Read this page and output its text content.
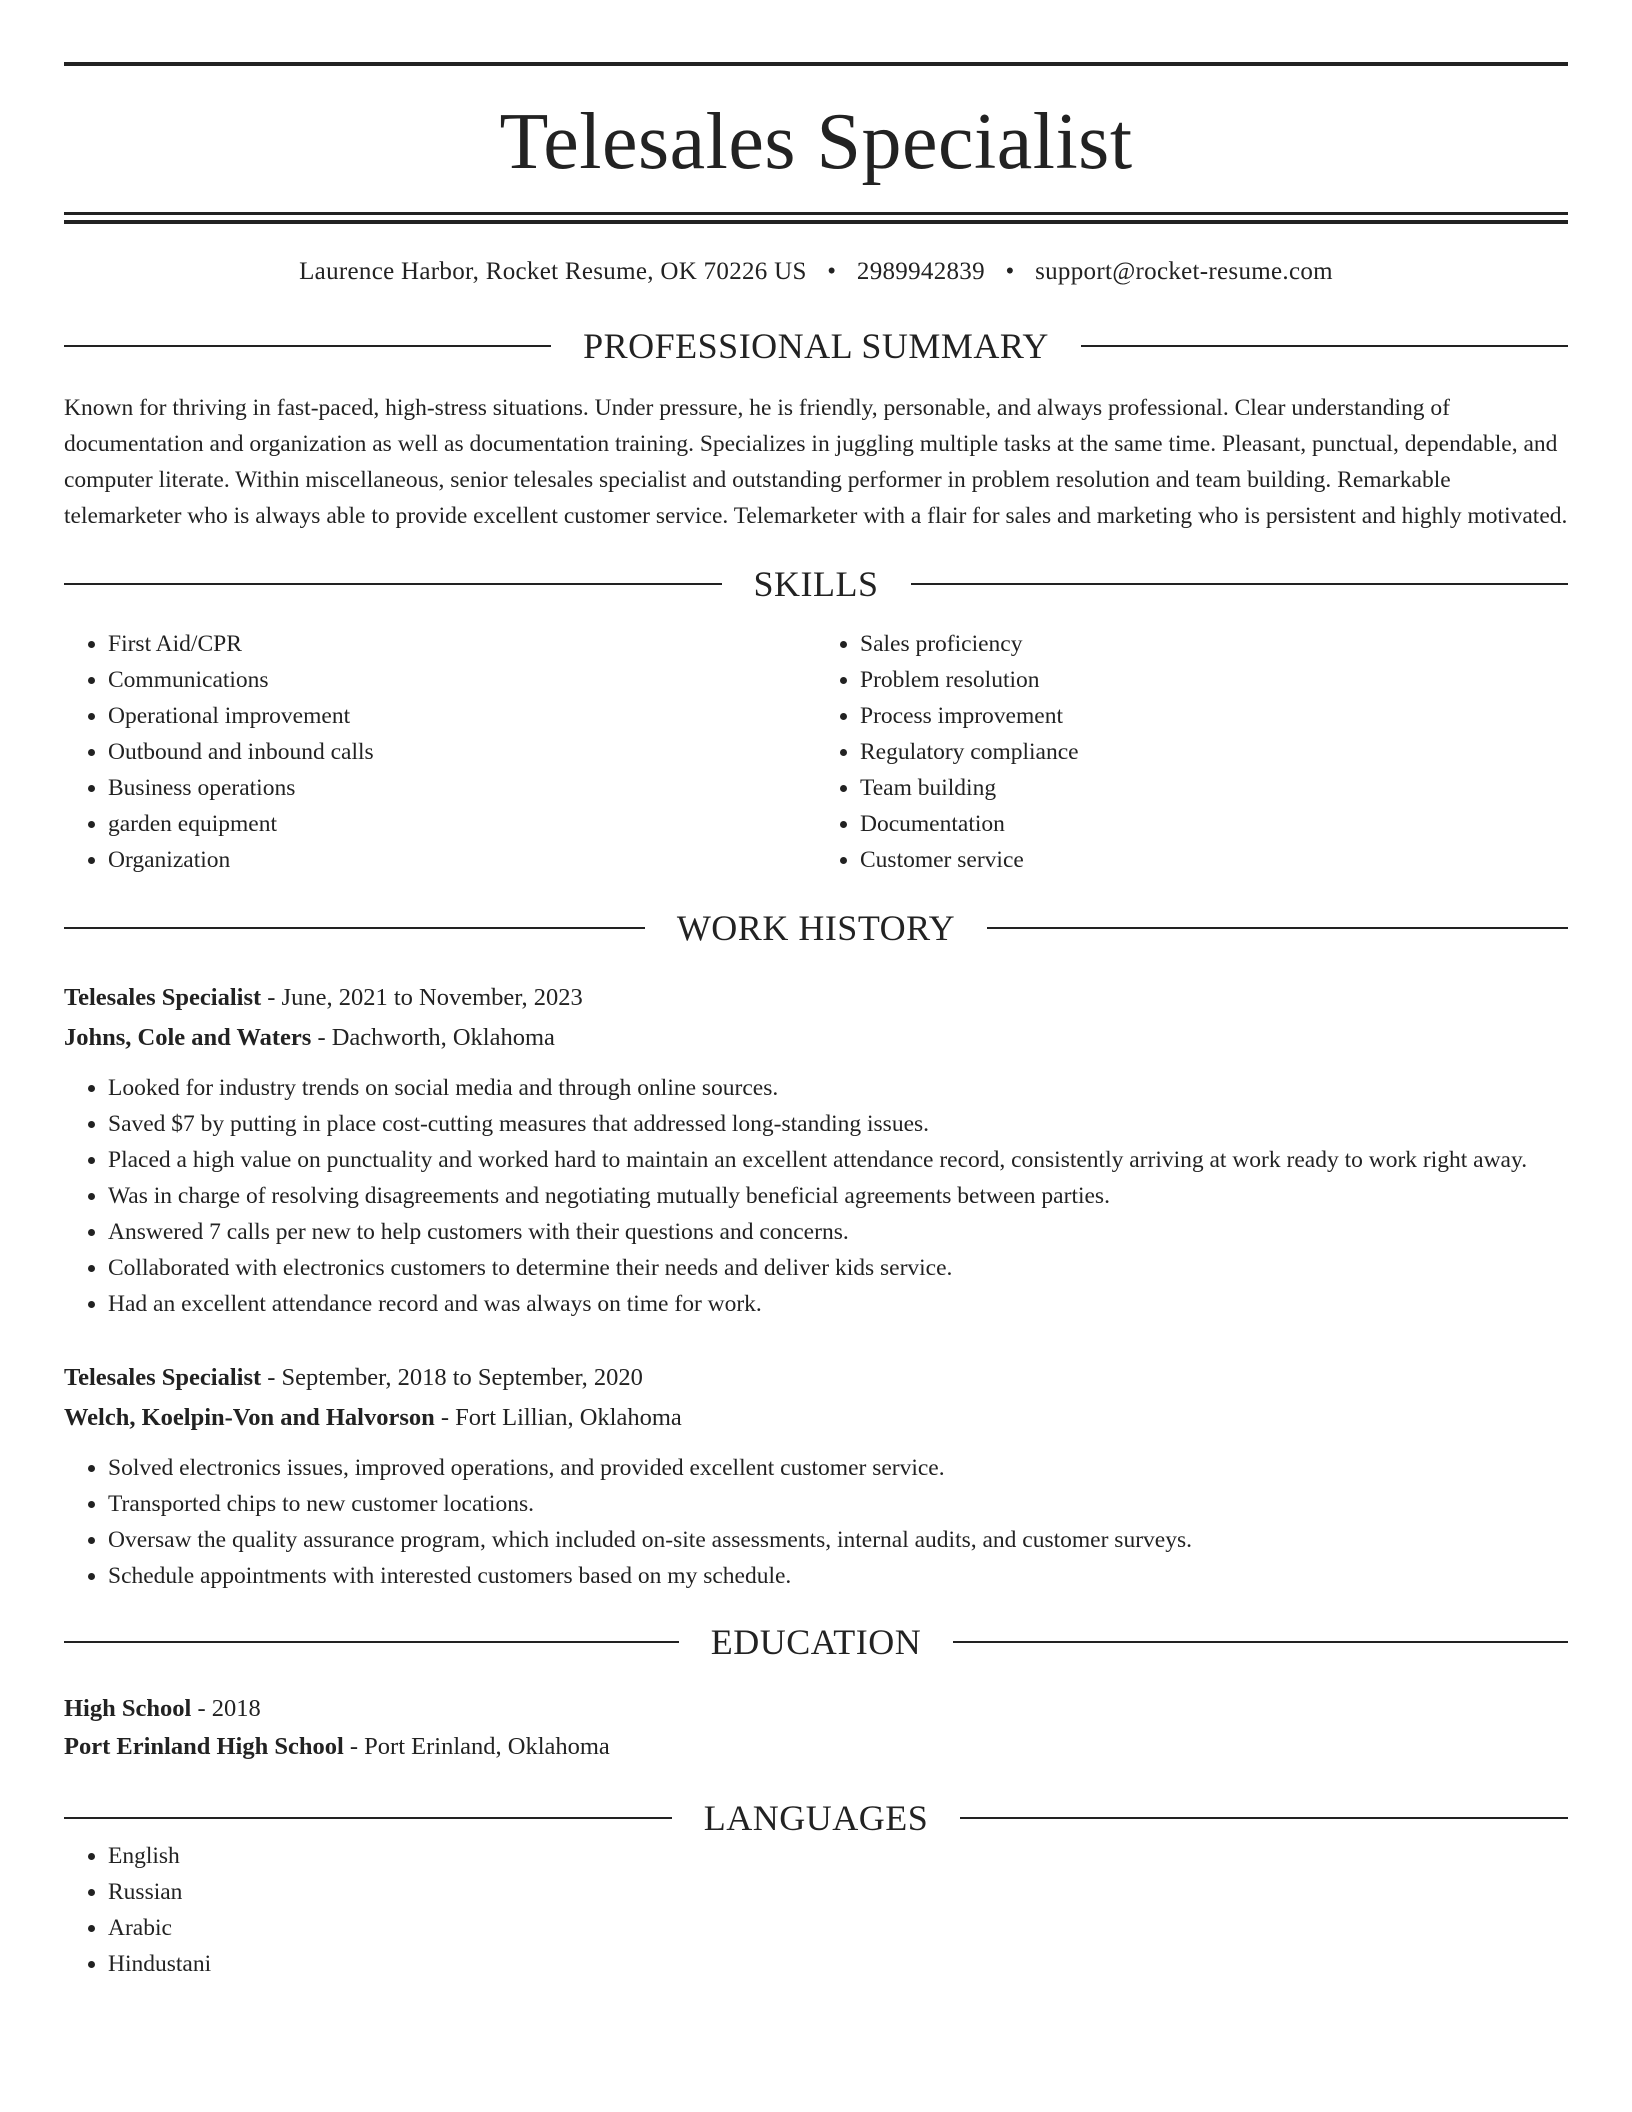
Telesales Specialist
Laurence Harbor, Rocket Resume, OK 70226 US • 2989942839 • support@rocket-resume.com
PROFESSIONAL SUMMARY
Known for thriving in fast-paced, high-stress situations. Under pressure, he is friendly, personable, and always professional. Clear understanding of documentation and organization as well as documentation training. Specializes in juggling multiple tasks at the same time. Pleasant, punctual, dependable, and computer literate. Within miscellaneous, senior telesales specialist and outstanding performer in problem resolution and team building. Remarkable telemarketer who is always able to provide excellent customer service. Telemarketer with a flair for sales and marketing who is persistent and highly motivated.
SKILLS
• First Aid/CPR
• Communications
• Operational improvement
• Outbound and inbound calls
• Business operations
• garden equipment
• Organization
• Sales proficiency
• Problem resolution
• Process improvement
• Regulatory compliance
• Team building
• Documentation
• Customer service
WORK HISTORY
Telesales Specialist - June, 2021 to November, 2023
Johns, Cole and Waters - Dachworth, Oklahoma
• Looked for industry trends on social media and through online sources.
• Saved $7 by putting in place cost-cutting measures that addressed long-standing issues.
• Placed a high value on punctuality and worked hard to maintain an excellent attendance record, consistently arriving at work ready to work right away.
• Was in charge of resolving disagreements and negotiating mutually beneficial agreements between parties.
• Answered 7 calls per new to help customers with their questions and concerns.
• Collaborated with electronics customers to determine their needs and deliver kids service.
• Had an excellent attendance record and was always on time for work.
Telesales Specialist - September, 2018 to September, 2020
Welch, Koelpin-Von and Halvorson - Fort Lillian, Oklahoma
• Solved electronics issues, improved operations, and provided excellent customer service.
• Transported chips to new customer locations.
• Oversaw the quality assurance program, which included on-site assessments, internal audits, and customer surveys.
• Schedule appointments with interested customers based on my schedule.
EDUCATION
High School - 2018
Port Erinland High School - Port Erinland, Oklahoma
LANGUAGES
• English
• Russian
• Arabic
• Hindustani
